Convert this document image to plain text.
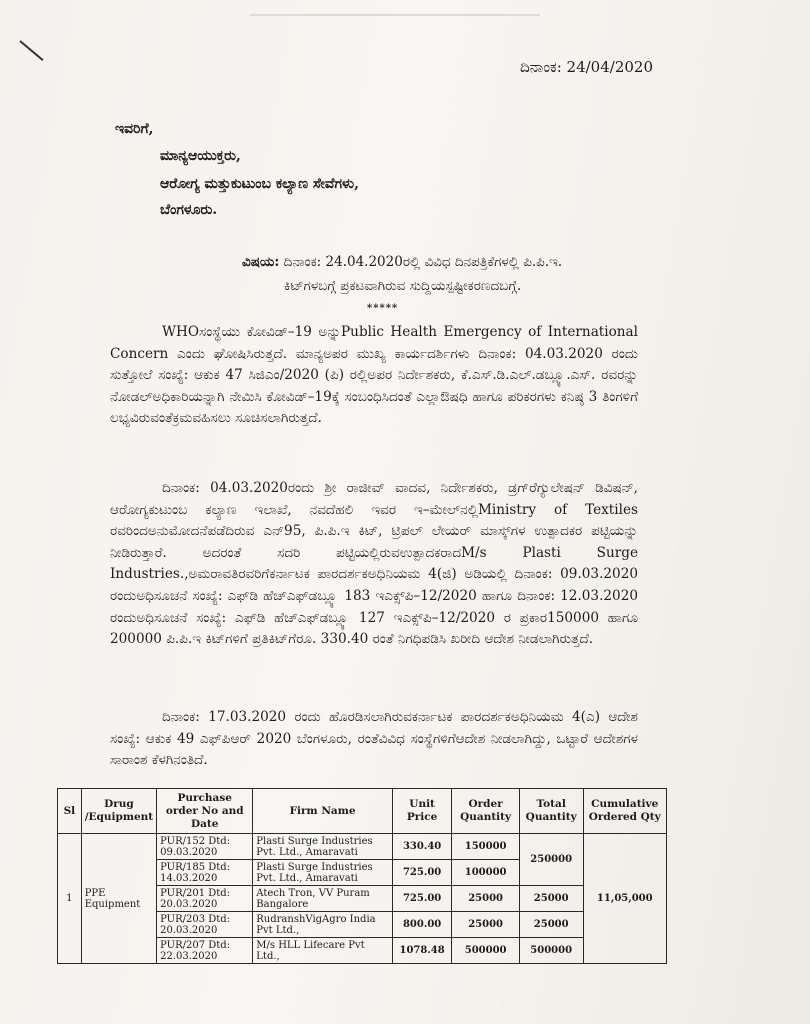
ದಿನಾಂಕ: 24/04/2020
ಇವರಿಗೆ,
ಮಾನ್ಯಆಯುಕ್ತರು,
ಆರೋಗ್ಯ ಮತ್ತುಕುಟುಂಬ ಕಲ್ಯಾಣ ಸೇವೆಗಳು,
ಬೆಂಗಳೂರು.
ವಿಷಯ: ದಿನಾಂಕ: 24.04.2020ರಲ್ಲಿ ವಿವಿಧ ದಿನಪತ್ರಿಕೆಗಳಲ್ಲಿ ಪಿ.ಪಿ.ಇ.
ಕಿಟ್‌ಗಳಬಗ್ಗೆ ಪ್ರಕಟವಾಗಿರುವ ಸುದ್ದಿಯಸ್ಪಷ್ಟೀಕರಣದಬಗ್ಗೆ.
*****
WHOಸಂಸ್ಥೆಯು ಕೋವಿಡ್–19 ಅನ್ನುPublic Health Emergency of International Concern ಎಂದು ಘೋಷಿಸಿರುತ್ತದೆ. ಮಾನ್ಯಅಪರ ಮುಖ್ಯ ಕಾರ್ಯದರ್ಶಿಗಳು ದಿನಾಂಕ: 04.03.2020 ರಂದು ಸುತ್ತೋಲೆ ಸಂಖ್ಯೆ: ಆಕುಕ 47 ಸಿಜಿಎಂ/2020 (ಪಿ) ರಲ್ಲಿಅಪರ ನಿರ್ದೇಶಕರು, ಕೆ.ಎಸ್.ಡಿ.ಎಲ್.ಡಬ್ಲ್ಯೂ.ಎಸ್. ರವರನ್ನು ನೋಡಲ್‌ಅಧಿಕಾರಿಯನ್ನಾಗಿ ನೇಮಿಸಿ ಕೋವಿಡ್–19ಕ್ಕೆ ಸಂಬಂಧಿಸಿದಂತೆ ಎಲ್ಲಾಔಷಧಿ ಹಾಗೂ ಪರಿಕರಗಳು ಕನಿಷ್ಠ 3 ತಿಂಗಳಿಗೆ ಲಭ್ಯವಿರುವಂತೆಕ್ರಮವಹಿಸಲು ಸೂಚಿಸಲಾಗಿರುತ್ತದೆ.
ದಿನಾಂಕ: 04.03.2020ರಂದು ಶ್ರೀ ರಾಜೀವ್ ವಾದವ, ನಿರ್ದೇಶಕರು, ಡ್ರಗ್‌ರೆಗ್ಯುಲೇಷನ್ ಡಿವಿಷನ್, ಆರೋಗ್ಯಕುಟುಂಬ ಕಲ್ಯಾಣ ಇಲಾಖೆ, ನವದೆಹಲಿ ಇವರ ಇ–ಮೇಲ್‌ನಲ್ಲಿMinistry of Textiles ರವರಿಂದಅನುಮೋದನೆಪಡೆದಿರುವ ಎನ್95, ಪಿ.ಪಿ.ಇ ಕಿಟ್, ಟ್ರಿಪಲ್ ಲೇಯರ್ ಮಾಸ್ಕ್‌ಗಳ ಉತ್ಪಾದಕರ ಪಟ್ಟಿಯನ್ನು ನೀಡಿರುತ್ತಾರೆ. ಅದರಂತೆ ಸದರಿ ಪಟ್ಟಿಯಲ್ಲಿರುವಉತ್ಪಾದಕರಾದM/s Plasti Surge Industries.,ಅಮರಾವತಿರವರಿಗೆಕರ್ನಾಟಕ ಪಾರದರ್ಶಕಅಧಿನಿಯಮ 4(ಜಿ) ಅಡಿಯಲ್ಲಿ ದಿನಾಂಕ: 09.03.2020 ರಂದುಅಧಿಸೂಚನೆ ಸಂಖ್ಯೆ: ಎಫ್‌ಡಿ ಹೆಚ್‌ಎಫ್‌ಡಬ್ಲ್ಯೂ 183 ಇಎಕ್ಸ್‌ಪಿ–12/2020 ಹಾಗೂ ದಿನಾಂಕ: 12.03.2020 ರಂದುಅಧಿಸೂಚನೆ ಸಂಖ್ಯೆ: ಎಫ್‌ಡಿ ಹೆಚ್‌ಎಫ್‌ಡಬ್ಲ್ಯೂ 127 ಇಎಕ್ಸ್‌ಪಿ–12/2020 ರ ಪ್ರಕಾರ150000 ಹಾಗೂ 200000 ಪಿ.ಪಿ.ಇ ಕಿಟ್‌ಗಳಿಗೆ ಪ್ರತಿಕಿಟ್‌ಗೆರೂ. 330.40 ರಂತೆ ನಿಗಧಿಪಡಿಸಿ ಖರೀದಿ ಆದೇಶ ನೀಡಲಾಗಿರುತ್ತದೆ.
ದಿನಾಂಕ: 17.03.2020 ರಂದು ಹೊರಡಿಸಲಾಗಿರುವಕರ್ನಾಟಕ ಪಾರದರ್ಶಕಅಧಿನಿಯಮ 4(ಎ) ಆದೇಶ ಸಂಖ್ಯೆ: ಆಕುಕ 49 ಎಫ್‌ಪಿಆರ್ 2020 ಬೆಂಗಳೂರು, ರಂತೆವಿವಿಧ ಸಂಸ್ಥೆಗಳಿಗೆಆದೇಶ ನೀಡಲಾಗಿದ್ದು, ಒಟ್ಟಾರೆ ಆದೇಶಗಳ ಸಾರಾಂಶ ಕೆಳಗಿನಂತಿದೆ.
Sl	Drug /Equipment	Purchase order No and Date	Firm Name	Unit Price	Order Quantity	Total Quantity	Cumulative Ordered Qty
1	PPE Equipment	PUR/152 Dtd: 09.03.2020	Plasti Surge Industries Pvt. Ltd., Amaravati	330.40	150000	250000	11,05,000
		PUR/185 Dtd: 14.03.2020	Plasti Surge Industries Pvt. Ltd., Amaravati	725.00	100000		
		PUR/201 Dtd: 20.03.2020	Atech Tron, VV Puram Bangalore	725.00	25000	25000	
		PUR/203 Dtd: 20.03.2020	RudranshVigAgro India Pvt Ltd.,	800.00	25000	25000	
		PUR/207 Dtd: 22.03.2020	M/s HLL Lifecare Pvt Ltd.,	1078.48	500000	500000	
